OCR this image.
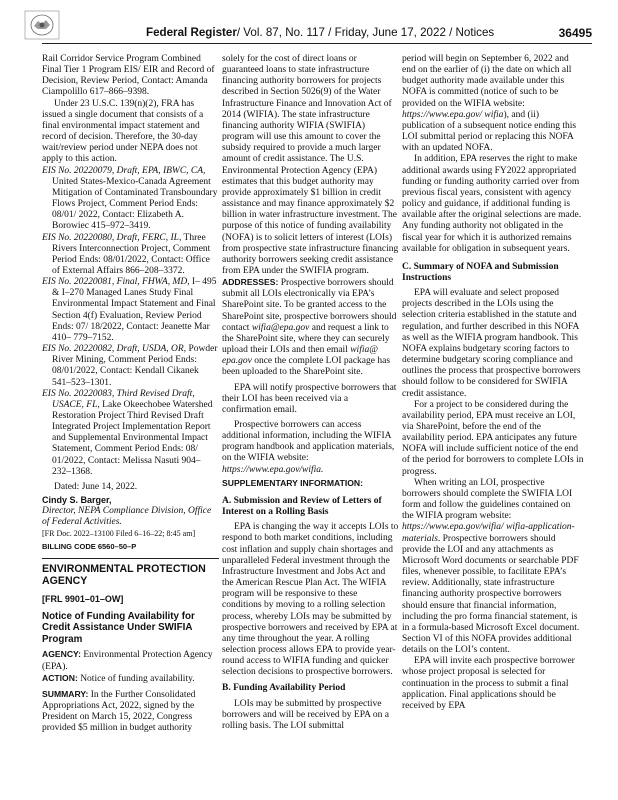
Federal Register/ Vol. 87, No. 117 / Friday, June 17, 2022 / Notices	36495

Rail Corridor Service Program Combined Final Tier 1 Program EIS/ EIR and Record of Decision, Review Period, Contact: Amanda Ciampolillo 617–866–9398.

Under 23 U.S.C. 139(n)(2), FRA has issued a single document that consists of a final environmental impact statement and record of decision. Therefore, the 30-day wait/review period under NEPA does not apply to this action.

EIS No. 20220079, Draft, EPA, IBWC, CA, United States-Mexico-Canada Agreement Mitigation of Contaminated Transboundary Flows Project, Comment Period Ends: 08/01/ 2022, Contact: Elizabeth A. Borowiec 415–972–3419.

EIS No. 20220080, Draft, FERC, IL, Three Rivers Interconnection Project, Comment Period Ends: 08/01/2022, Contact: Office of External Affairs 866–208–3372.

EIS No. 20220081, Final, FHWA, MD, I– 495 & I–270 Managed Lanes Study Final Environmental Impact Statement and Final Section 4(f) Evaluation, Review Period Ends: 07/ 18/2022, Contact: Jeanette Mar 410– 779–7152.

EIS No. 20220082, Draft, USDA, OR, Powder River Mining, Comment Period Ends: 08/01/2022, Contact: Kendall Cikanek 541–523–1301.

EIS No. 20220083, Third Revised Draft, USACE, FL, Lake Okeechobee Watershed Restoration Project Third Revised Draft Integrated Project Implementation Report and Supplemental Environmental Impact Statement, Comment Period Ends: 08/ 01/2022, Contact: Melissa Nasuti 904– 232–1368.

Dated: June 14, 2022.

Cindy S. Barger,

Director, NEPA Compliance Division, Office of Federal Activities.

[FR Doc. 2022–13100 Filed 6–16–22; 8:45 am]

BILLING CODE 6560–50–P

ENVIRONMENTAL PROTECTION AGENCY

[FRL 9901–01–OW]

Notice of Funding Availability for Credit Assistance Under SWIFIA Program

AGENCY: Environmental Protection Agency (EPA).

ACTION: Notice of funding availability.

SUMMARY: In the Further Consolidated Appropriations Act, 2022, signed by the President on March 15, 2022, Congress provided $5 million in budget authority

solely for the cost of direct loans or guaranteed loans to state infrastructure financing authority borrowers for projects described in Section 5026(9) of the Water Infrastructure Finance and Innovation Act of 2014 (WIFIA). The state infrastructure financing authority WIFIA (SWIFIA) program will use this amount to cover the subsidy required to provide a much larger amount of credit assistance. The U.S. Environmental Protection Agency (EPA) estimates that this budget authority may provide approximately $1 billion in credit assistance and may finance approximately $2 billion in water infrastructure investment. The purpose of this notice of funding availability (NOFA) is to solicit letters of interest (LOIs) from prospective state infrastructure financing authority borrowers seeking credit assistance from EPA under the SWIFIA program.

ADDRESSES: Prospective borrowers should submit all LOIs electronically via EPA’s SharePoint site. To be granted access to the SharePoint site, prospective borrowers should contact wifia@epa.gov and request a link to the SharePoint site, where they can securely upload their LOIs and then email wifia@ epa.gov once the complete LOI package has been uploaded to the SharePoint site.

EPA will notify prospective borrowers that their LOI has been received via a confirmation email.

Prospective borrowers can access additional information, including the WIFIA program handbook and application materials, on the WIFIA website: https://www.epa.gov/wifia.

SUPPLEMENTARY INFORMATION:

A. Submission and Review of Letters of Interest on a Rolling Basis

EPA is changing the way it accepts LOIs to respond to both market conditions, including cost inflation and supply chain shortages and unparalleled Federal investment through the Infrastructure Investment and Jobs Act and the American Rescue Plan Act. The WIFIA program will be responsive to these conditions by moving to a rolling selection process, whereby LOIs may be submitted by prospective borrowers and received by EPA at any time throughout the year. A rolling selection process allows EPA to provide year-round access to WIFIA funding and quicker selection decisions to prospective borrowers.

B. Funding Availability Period

LOIs may be submitted by prospective borrowers and will be received by EPA on a rolling basis. The LOI submittal

period will begin on September 6, 2022 and end on the earlier of (i) the date on which all budget authority made available under this NOFA is committed (notice of such to be provided on the WIFIA website: https://www.epa.gov/ wifia), and (ii) publication of a subsequent notice ending this LOI submittal period or replacing this NOFA with an updated NOFA.

In addition, EPA reserves the right to make additional awards using FY2022 appropriated funding or funding authority carried over from previous fiscal years, consistent with agency policy and guidance, if additional funding is available after the original selections are made. Any funding authority not obligated in the fiscal year for which it is authorized remains available for obligation in subsequent years.

C. Summary of NOFA and Submission Instructions

EPA will evaluate and select proposed projects described in the LOIs using the selection criteria established in the statute and regulation, and further described in this NOFA as well as the WIFIA program handbook. This NOFA explains budgetary scoring factors to determine budgetary scoring compliance and outlines the process that prospective borrowers should follow to be considered for SWIFIA credit assistance.

For a project to be considered during the availability period, EPA must receive an LOI, via SharePoint, before the end of the availability period. EPA anticipates any future NOFA will include sufficient notice of the end of the period for borrowers to complete LOIs in progress.

When writing an LOI, prospective borrowers should complete the SWIFIA LOI form and follow the guidelines contained on the WIFIA program website: https://www.epa.gov/wifia/ wifia-application-materials. Prospective borrowers should provide the LOI and any attachments as Microsoft Word documents or searchable PDF files, whenever possible, to facilitate EPA’s review. Additionally, state infrastructure financing authority prospective borrowers should ensure that financial information, including the pro forma financial statement, is in a formula-based Microsoft Excel document. Section VI of this NOFA provides additional details on the LOI’s content.

EPA will invite each prospective borrower whose project proposal is selected for continuation in the process to submit a final application. Final applications should be received by EPA
